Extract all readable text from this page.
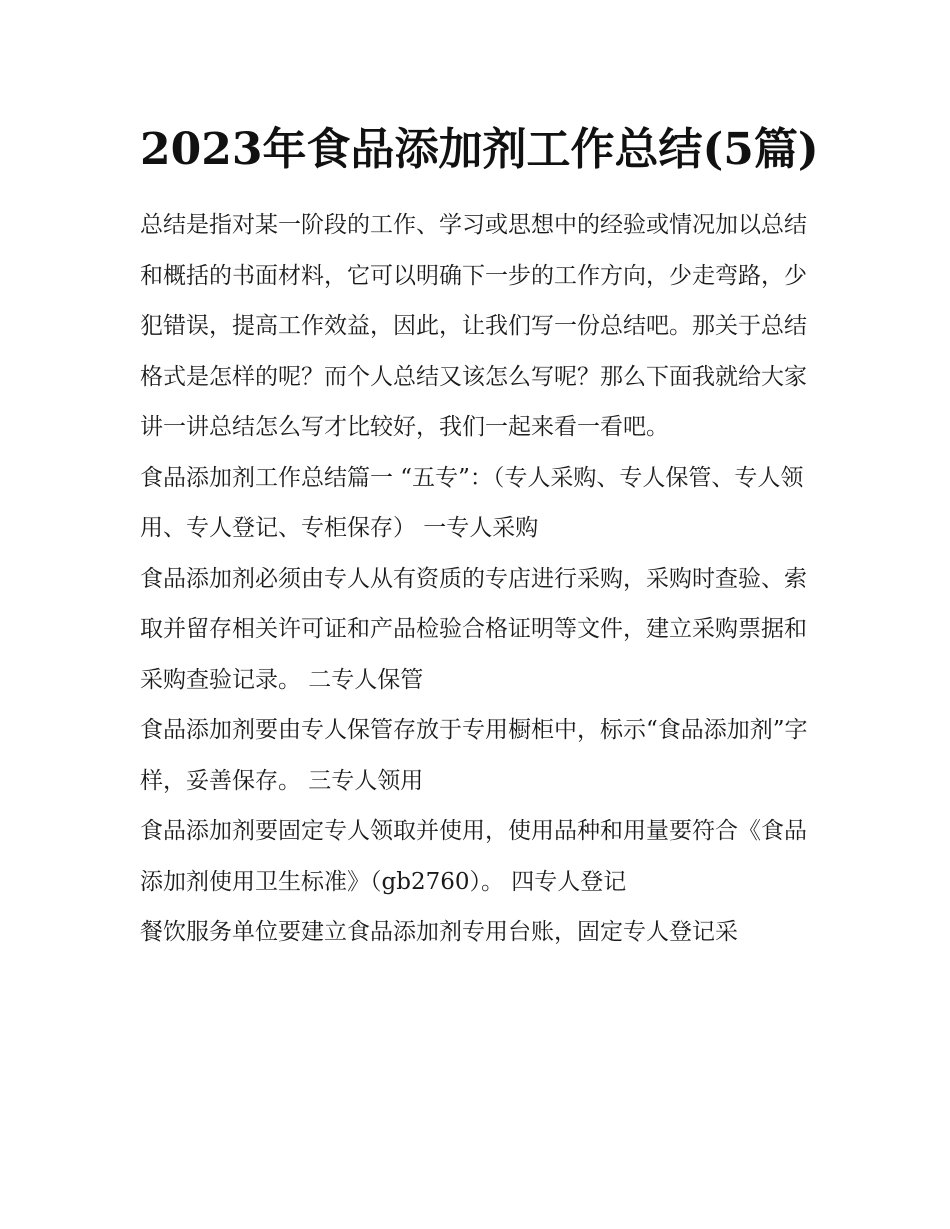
2023年食品添加剂工作总结(5篇)

总结是指对某一阶段的工作、学习或思想中的经验或情况加以总结和概括的书面材料，它可以明确下一步的工作方向，少走弯路，少犯错误，提高工作效益，因此，让我们写一份总结吧。那关于总结格式是怎样的呢？而个人总结又该怎么写呢？那么下面我就给大家讲一讲总结怎么写才比较好，我们一起来看一看吧。

食品添加剂工作总结篇一 “五专”：（专人采购、专人保管、专人领用、专人登记、专柜保存） 一专人采购

食品添加剂必须由专人从有资质的专店进行采购，采购时查验、索取并留存相关许可证和产品检验合格证明等文件，建立采购票据和采购查验记录。 二专人保管

食品添加剂要由专人保管存放于专用橱柜中，标示“食品添加剂”字样，妥善保存。 三专人领用

食品添加剂要固定专人领取并使用，使用品种和用量要符合《食品添加剂使用卫生标准》（gb2760）。 四专人登记

餐饮服务单位要建立食品添加剂专用台账，固定专人登记采
